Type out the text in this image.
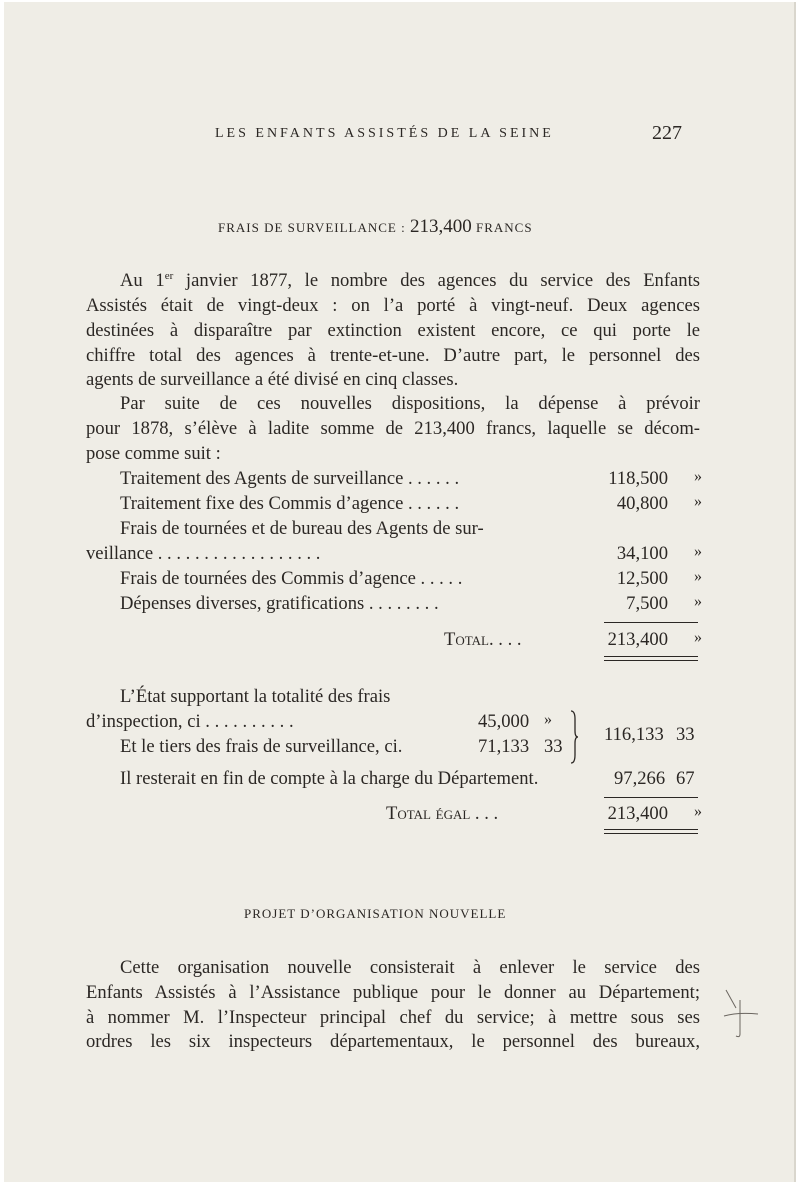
LES ENFANTS ASSISTÉS DE LA SEINE	227
FRAIS DE SURVEILLANCE : 213,400 FRANCS
Au 1er janvier 1877, le nombre des agences du service des Enfants
Assistés était de vingt-deux : on l’a porté à vingt-neuf. Deux agences
destinées à disparaître par extinction existent encore, ce qui porte le
chiffre total des agences à trente-et-une. D’autre part, le personnel des
agents de surveillance a été divisé en cinq classes.
Par suite de ces nouvelles dispositions, la dépense à prévoir
pour 1878, s’élève à ladite somme de 213,400 francs, laquelle se décom-
pose comme suit :
Traitement des Agents de surveillance . . . . . .	118,500 »
Traitement fixe des Commis d’agence . . . . . .	40,800 »
Frais de tournées et de bureau des Agents de sur-
veillance . . . . . . . . . . . . . . . . . .	34,100 »
Frais de tournées des Commis d’agence . . . . .	12,500 »
Dépenses diverses, gratifications . . . . . . . .	7,500 »
Total. . . .	213,400 »
L’État supportant la totalité des frais
d’inspection, ci . . . . . . . . . .	45,000 »
Et le tiers des frais de surveillance, ci.	71,133 33
116,133 33
Il resterait en fin de compte à la charge du Département.	97,266 67
Total égal . . .	213,400 »
PROJET D’ORGANISATION NOUVELLE
Cette organisation nouvelle consisterait à enlever le service des
Enfants Assistés à l’Assistance publique pour le donner au Département;
à nommer M. l’Inspecteur principal chef du service; à mettre sous ses
ordres les six inspecteurs départementaux, le personnel des bureaux,
